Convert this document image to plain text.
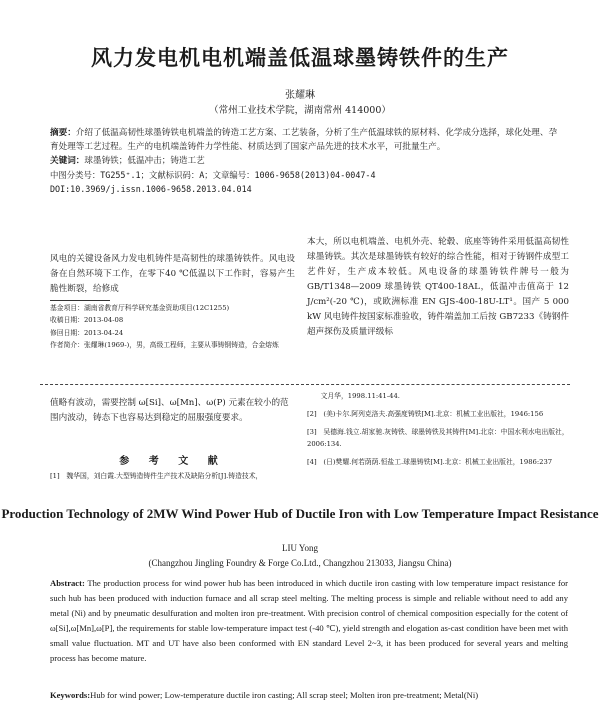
风力发电机电机端盖低温球墨铸铁件的生产
张耀琳
（常州工业技术学院，湖南常州 414000）
摘要：介绍了低温高韧性球墨铸铁电机端盖的铸造工艺方案、工艺装备，分析了生产低温球铁的原材料、化学成分选择，球化处理、孕育处理等工艺过程。生产的电机端盖铸件力学性能、材质达到了国家产品先进的技术水平，可批量生产。
关键词：球墨铸铁；低温冲击；铸造工艺
中图分类号：TG255⁺.1；文献标识码：A；文章编号：1006-9658(2013)04-0047-4
DOI:10.3969/j.issn.1006-9658.2013.04.014
风电的关键设备风力发电机铸件是高韧性的球墨铸铁件。风电设备在自然环境下工作，在零下40 ℃低温以下工作时，容易产生脆性断裂，给修成
基金项目：湖南省教育厅科学研究基金资助项目(12C1255)
收稿日期：2013-04-08
修回日期：2013-04-24
作者简介：张耀琳(1969-)，男，高级工程师，主要从事铸钢铸造，合金熔炼
本大，所以电机端盖、电机外壳、轮毂、底座等铸件采用低温高韧性球墨铸铁。其次是球墨铸铁有较好的综合性能，相对于铸钢件成型工艺件好，生产成本较低。风电设备的球墨铸铁件牌号一般为 GB/T1348—2009 球墨铸铁 QT400-18AL，低温冲击值高于 12 J/cm²(-20 ℃)，或欧洲标准 EN GJS-400-18U-LT¹。国产 5 000 kW 风电铸件按国家标准验收，铸件端盖加工后按 GB7233《铸钢件超声探伤及质量评级标
值略有波动，需要控制 ω[Si]、ω[Mn]、ω(P) 元素在较小的范围内波动，铸态下也容易达到稳定的屈服强度要求。
参 考 文 献
[1]　魏华国，刘白霞.大型铸造铸件生产技术及缺陷分析[J].铸造技术，
　　文月华，1998.11:41-44.
[2]　(美)卡尔.阿列克洛夫.高强度铸铁[M].北京：机械工业出版社，1946:156
[3]　吴德海.钱立.胡家驰.灰铸铁、球墨铸铁及其铸件[M].北京：中国水利水电出版社，2006:134.
[4]　(日)樊耀.何若荫荫.恒盐工.球墨铸铁[M].北京：机械工业出版社，1986:237
Production Technology of 2MW Wind Power Hub of Ductile Iron with Low Temperature Impact Resistance
LIU Yong
(Changzhou Jingling Foundry & Forge Co.Ltd., Changzhou 213033, Jiangsu China)
Abstract: The production process for wind power hub has been introduced in which ductile iron casting with low temperature impact resistance for such hub has been produced with induction furnace and all scrap steel melting. The melting process is simple and reliable without need to add any metal (Ni) and by pneumatic desulfuration and molten iron pre-treatment. With precision control of chemical composition especially for the cotent of ω[Si],ω[Mn],ω[P], the requirements for stable low-temperature impact test (-40 ℃), yield strength and elogation as-cast condition have been met with small value fluctuation. MT and UT have also been conformed with EN standard Level 2~3, it has been produced for several years and melting process has become mature.
Keywords:Hub for wind power; Low-temperature ductile iron casting; All scrap steel; Molten iron pre-treatment; Metal(Ni)
